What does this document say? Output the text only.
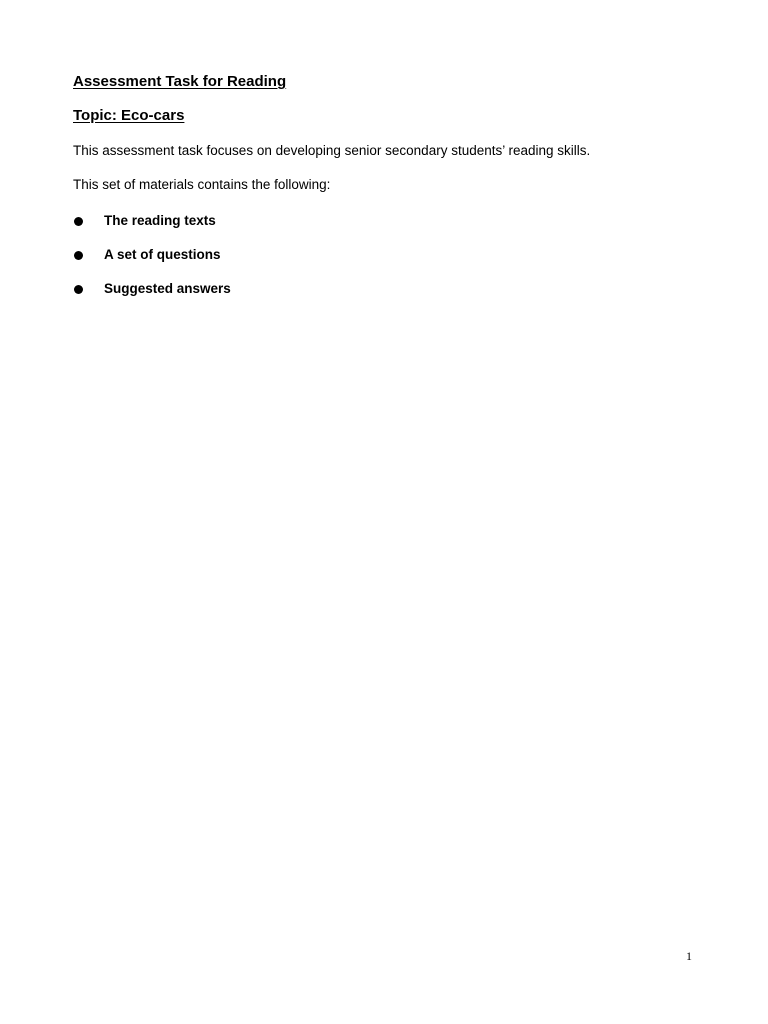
Assessment Task for Reading
Topic: Eco-cars

This assessment task focuses on developing senior secondary students’ reading skills.

This set of materials contains the following:

The reading texts
A set of questions
Suggested answers
1
